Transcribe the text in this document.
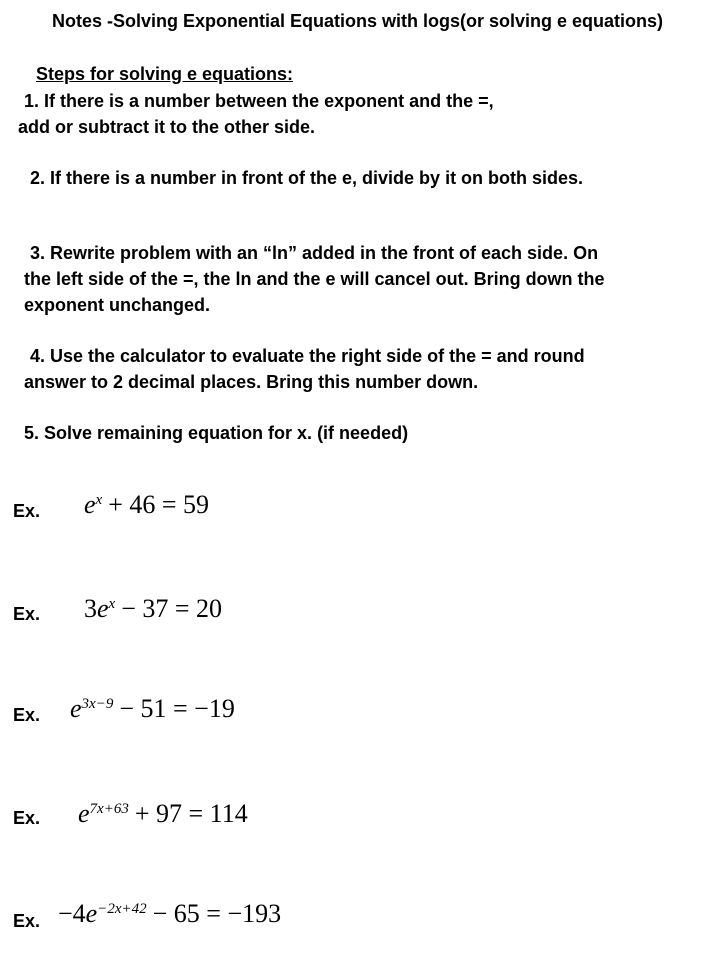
Notes -Solving Exponential Equations with logs(or solving e equations)
Steps for solving e equations:
1. If there is a number between the exponent and the =,
add or subtract it to the other side.
2. If there is a number in front of the e, divide by it on both sides.
3. Rewrite problem with an “ln” added in the front of each side. On
the left side of the =, the ln and the e will cancel out. Bring down the
exponent unchanged.
4. Use the calculator to evaluate the right side of the = and round
answer to 2 decimal places. Bring this number down.
5. Solve remaining equation for x. (if needed)
Ex. $e^x + 46 = 59$
Ex. $3e^x - 37 = 20$
Ex. $e^{3x-9} - 51 = -19$
Ex. $e^{7x+63} + 97 = 114$
Ex. $-4e^{-2x+42} - 65 = -193$
